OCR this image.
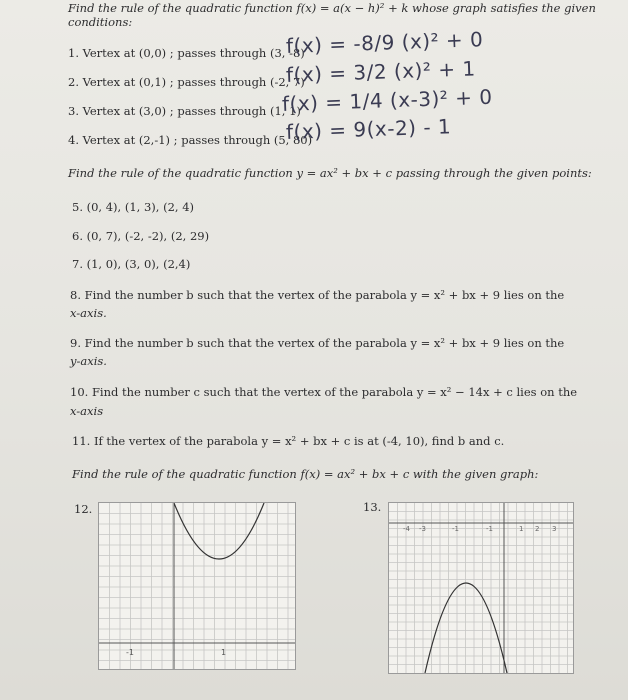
Find the rule of the quadratic function f(x) = a(x − h)² + k whose graph satisfies the given
conditions:
1. Vertex at (0,0) ; passes through (3, -8)
f(x) = -8/9 (x)² + 0
2. Vertex at (0,1) ; passes through (-2, 7)
f(x) = 3/2 (x)² + 1
3. Vertex at (3,0) ; passes through (1, 1)
f(x) = 1/4 (x-3)² + 0
4. Vertex at (2,-1) ; passes through (5, 80)
f(x) = 9(x-2) - 1
Find the rule of the quadratic function y = ax² + bx + c passing through the given points:
5. (0, 4), (1, 3), (2, 4)
6. (0, 7), (-2, -2), (2, 29)
7. (1, 0), (3, 0), (2,4)
8. Find the number b such that the vertex of the parabola y = x² + bx + 9 lies on the
x-axis.
9. Find the number b such that the vertex of the parabola y = x² + bx + 9 lies on the
y-axis.
10. Find the number c such that the vertex of the parabola y = x² − 14x + c lies on the
x-axis
11. If the vertex of the parabola y = x² + bx + c is at (-4, 10), find b and c.
Find the rule of the quadratic function f(x) = ax² + bx + c with the given graph:
12.	13.
-1	1
-4 -3	-1	-1	1 2 3
